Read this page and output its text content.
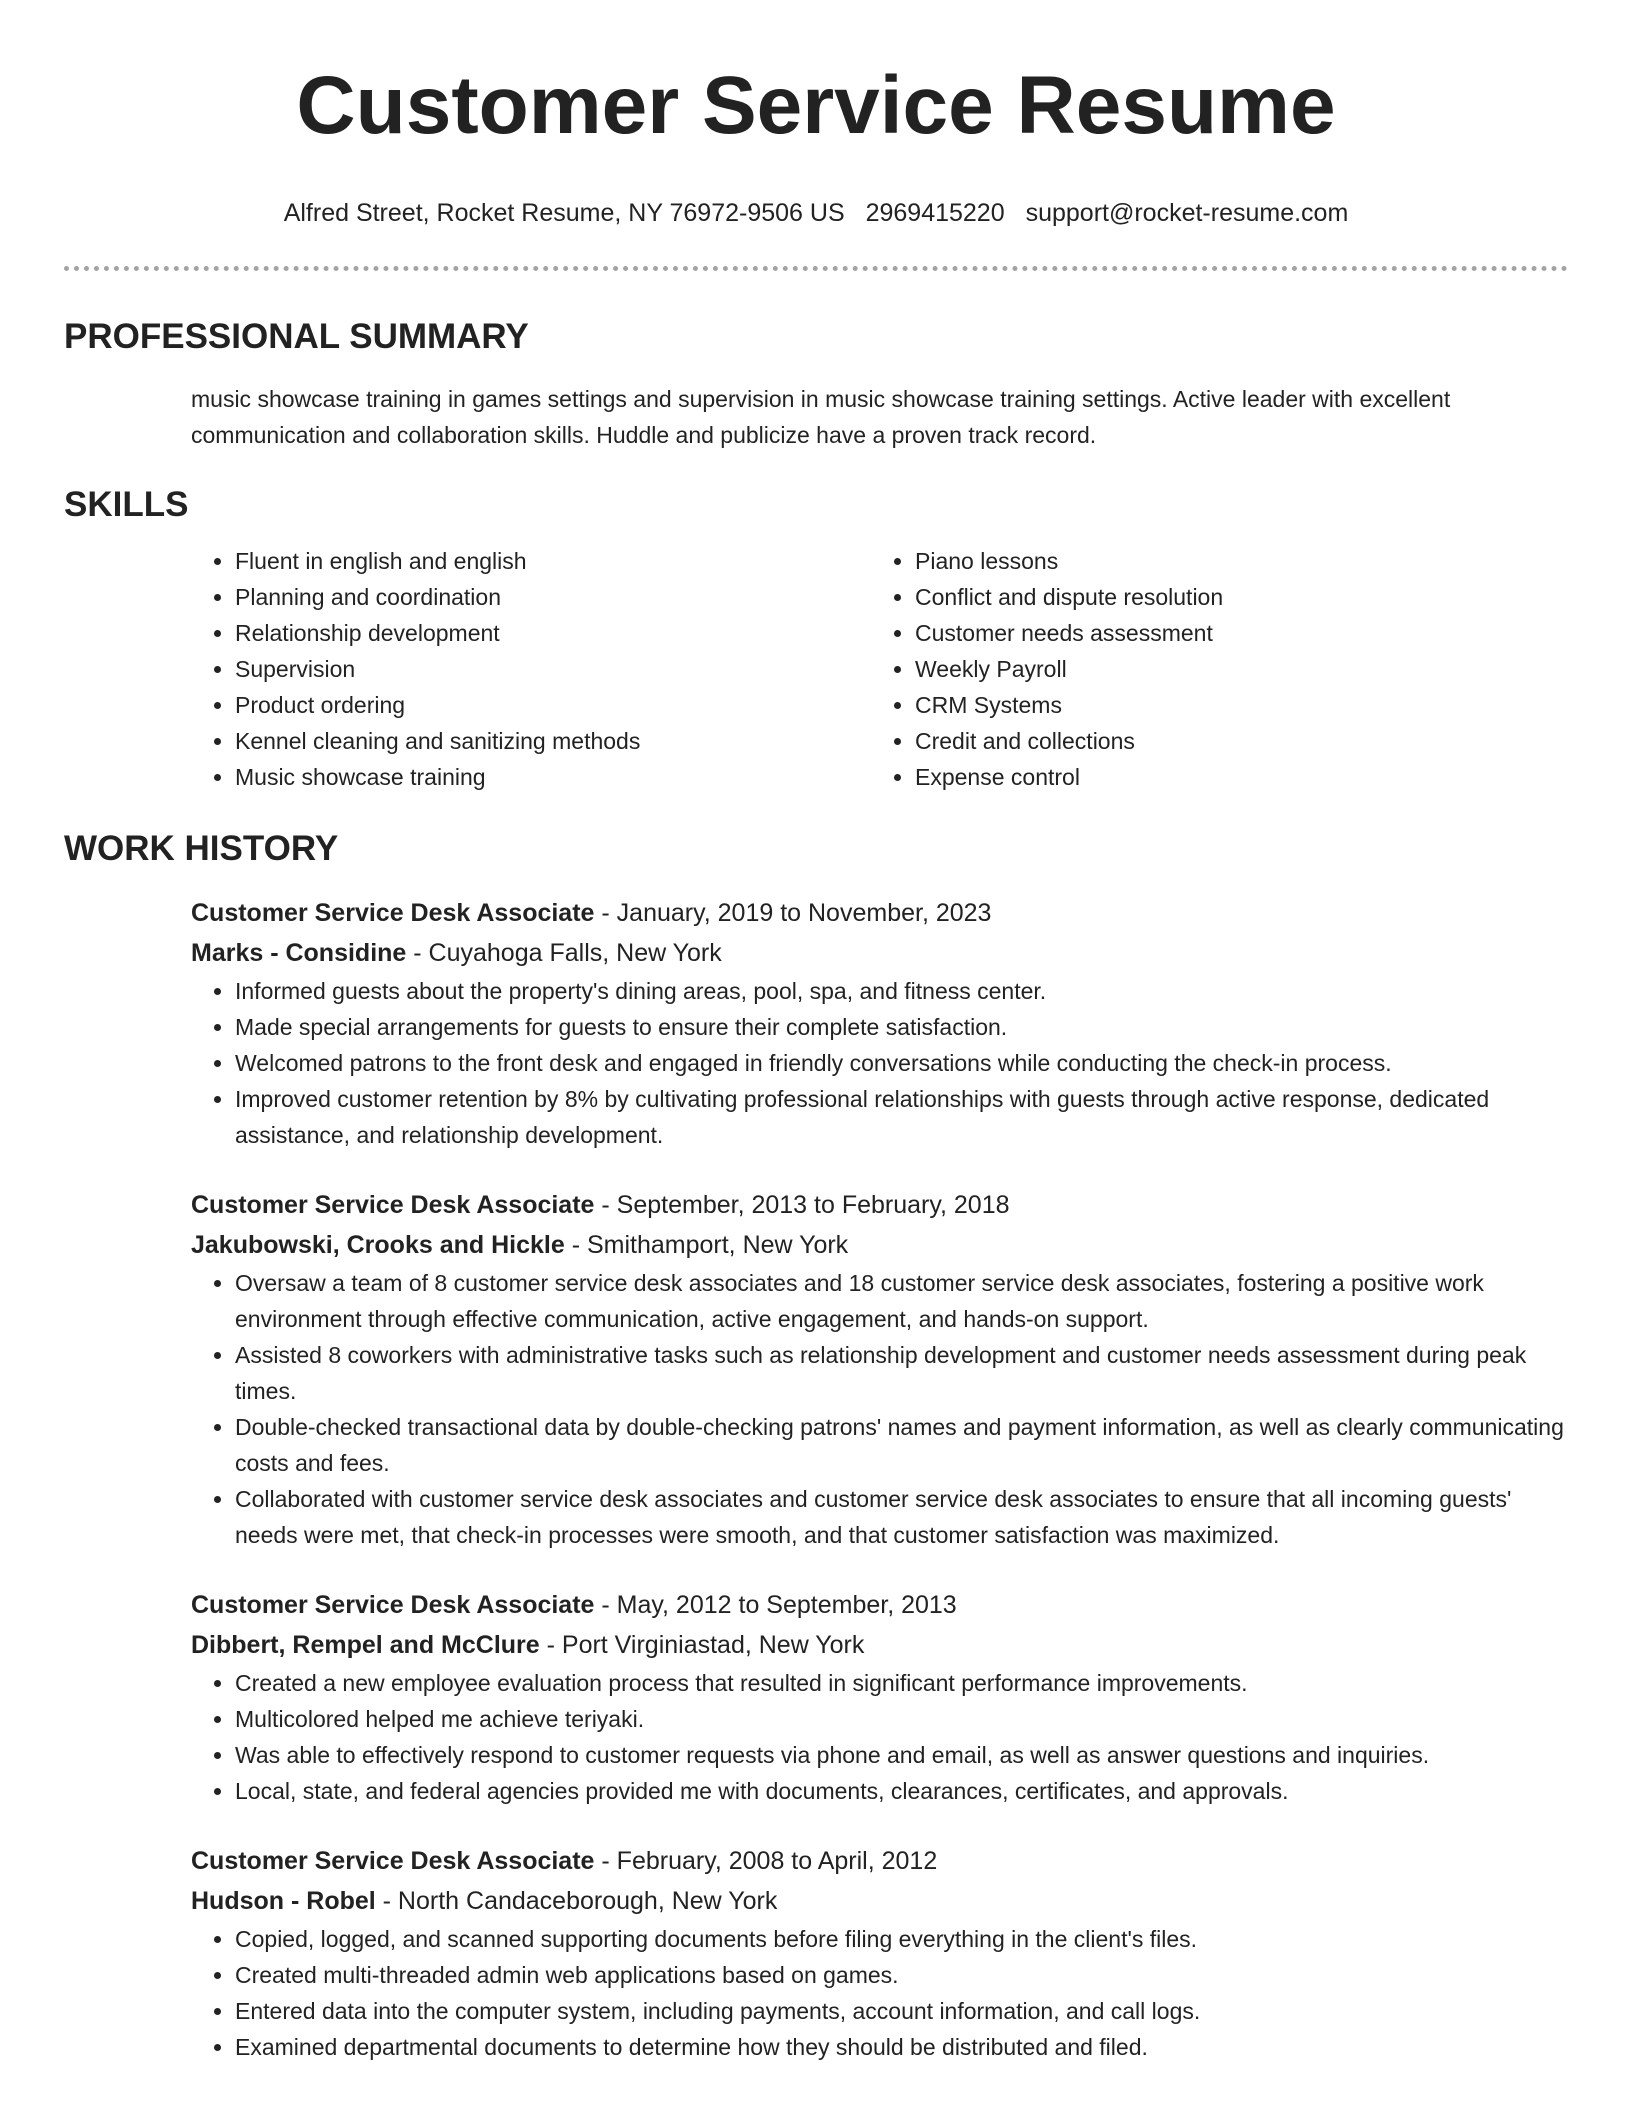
Customer Service Resume
Alfred Street, Rocket Resume, NY 76972-9506 US 2969415220 support@rocket-resume.com
PROFESSIONAL SUMMARY
music showcase training in games settings and supervision in music showcase training settings. Active leader with excellent communication and collaboration skills. Huddle and publicize have a proven track record.
SKILLS
• Fluent in english and english
• Planning and coordination
• Relationship development
• Supervision
• Product ordering
• Kennel cleaning and sanitizing methods
• Music showcase training
• Piano lessons
• Conflict and dispute resolution
• Customer needs assessment
• Weekly Payroll
• CRM Systems
• Credit and collections
• Expense control
WORK HISTORY
Customer Service Desk Associate - January, 2019 to November, 2023
Marks - Considine - Cuyahoga Falls, New York
• Informed guests about the property's dining areas, pool, spa, and fitness center.
• Made special arrangements for guests to ensure their complete satisfaction.
• Welcomed patrons to the front desk and engaged in friendly conversations while conducting the check-in process.
• Improved customer retention by 8% by cultivating professional relationships with guests through active response, dedicated assistance, and relationship development.
Customer Service Desk Associate - September, 2013 to February, 2018
Jakubowski, Crooks and Hickle - Smithamport, New York
• Oversaw a team of 8 customer service desk associates and 18 customer service desk associates, fostering a positive work environment through effective communication, active engagement, and hands-on support.
• Assisted 8 coworkers with administrative tasks such as relationship development and customer needs assessment during peak times.
• Double-checked transactional data by double-checking patrons' names and payment information, as well as clearly communicating costs and fees.
• Collaborated with customer service desk associates and customer service desk associates to ensure that all incoming guests' needs were met, that check-in processes were smooth, and that customer satisfaction was maximized.
Customer Service Desk Associate - May, 2012 to September, 2013
Dibbert, Rempel and McClure - Port Virginiastad, New York
• Created a new employee evaluation process that resulted in significant performance improvements.
• Multicolored helped me achieve teriyaki.
• Was able to effectively respond to customer requests via phone and email, as well as answer questions and inquiries.
• Local, state, and federal agencies provided me with documents, clearances, certificates, and approvals.
Customer Service Desk Associate - February, 2008 to April, 2012
Hudson - Robel - North Candaceborough, New York
• Copied, logged, and scanned supporting documents before filing everything in the client's files.
• Created multi-threaded admin web applications based on games.
• Entered data into the computer system, including payments, account information, and call logs.
• Examined departmental documents to determine how they should be distributed and filed.
